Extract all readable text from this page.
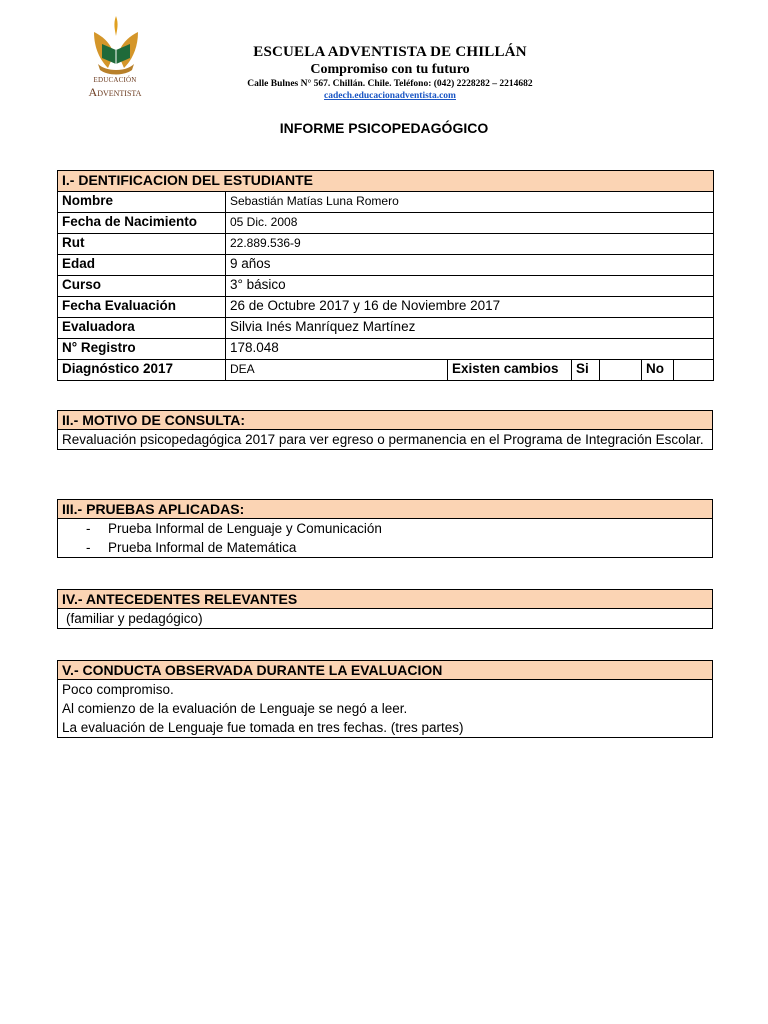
EDUCACIÓN
Adventista
ESCUELA ADVENTISTA DE CHILLÁN
Compromiso con tu futuro
Calle Bulnes N° 567. Chillán. Chile. Teléfono: (042) 2228282 – 2214682
cadech.educacionadventista.com
INFORME PSICOPEDAGÓGICO
I.- DENTIFICACION DEL ESTUDIANTE						
Nombre	Sebastián Matías Luna Romero					
Fecha de Nacimiento	05 Dic. 2008					
Rut	22.889.536-9					
Edad	9 años					
Curso	3° básico					
Fecha Evaluación	26 de Octubre 2017 y 16 de Noviembre 2017					
Evaluadora	Silvia Inés Manríquez Martínez					
N° Registro	178.048					
Diagnóstico 2017	DEA	Existen cambios	Si		No	
II.- MOTIVO DE CONSULTA:
Revaluación psicopedagógica 2017 para ver egreso o permanencia en el Programa de Integración Escolar.
III.- PRUEBAS APLICADAS:

-	Prueba Informal de Lenguaje y Comunicación
-	Prueba Informal de Matemática
IV.- ANTECEDENTES RELEVANTES
(familiar y pedagógico)
V.- CONDUCTA OBSERVADA DURANTE LA EVALUACION

Poco compromiso.
Al comienzo de la evaluación de Lenguaje se negó a leer.
La evaluación de Lenguaje fue tomada en tres fechas. (tres partes)
